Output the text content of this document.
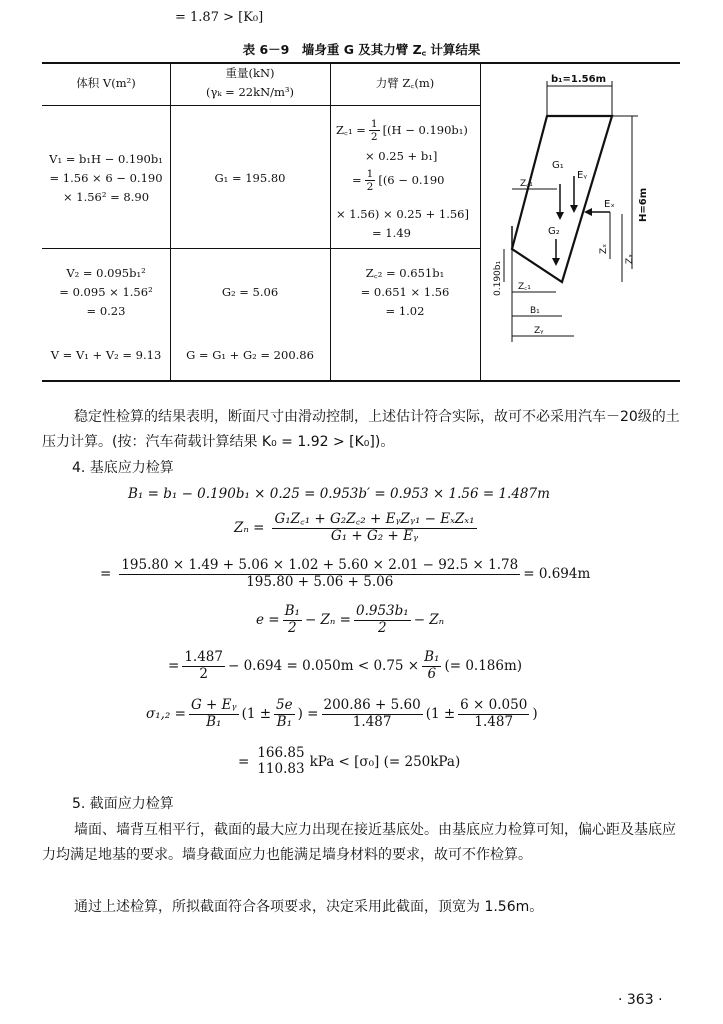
= 1.87 > [K₀]
表 6－9　墙身重 G 及其力臂 Z꜀ 计算结果
体积 V(m²)
重量(kN)
(γₖ = 22kN/m³)
力臂 Z꜀(m)
V₁ = b₁H − 0.190b₁
= 1.56 × 6 − 0.190
× 1.56² = 8.90
G₁ = 195.80
Z꜀₁ = $\frac{1}{2} [(H - 0.190b_1)$
× 0.25 + b₁]
= $\frac{1}{2} [(6 - 0.190$
× 1.56) × 0.25 + 1.56]
= 1.49
V₂ = 0.095b₁²
= 0.095 × 1.56²
= 0.23
G₂ = 5.06
Z꜀₂ = 0.651b₁
= 0.651 × 1.56
= 1.02
V = V₁ + V₂ = 9.13	G = G₁ + G₂ = 200.86
b₁=1.56m
H=6m
G₁
Eᵧ
Eₓ
Z꜀₁
G₂
Zₓ
Zₓ
0.190b₁ Z꜀₁
B₁
Zᵧ
稳定性检算的结果表明，断面尺寸由滑动控制，上述估计符合实际，故可不必采用汽车－20级的土压力计算。(按：汽车荷载计算结果 K₀ = 1.92 > [K₀])。
4. 基底应力检算
B₁ = b₁ − 0.190b₁ × 0.25 = 0.953b′ = 0.953 × 1.56 = 1.487m
$Z_n = \frac{\text{G₁Z꜀₁ + G₂Z꜀₂ + EᵧZᵧ₁ − EₓZₓ₁}}{\text{G₁ + G₂ + Eᵧ}}$
= $\frac{195.80 \times 1.49 + 5.06 \times 1.02 + 5.60 \times 2.01 - 92.5 \times 1.78}{195.80 + 5.06 + 5.06} = 0.694m$
$e = \frac{\text{B₁}}{2} - Z_n = \frac{\text{0.953b₁}}{2} - Z_n$
= $\frac{1.487}{2} - 0.694 = 0.050m < 0.75 \times \frac{\text{B₁}}{6}$ (= 0.186m)
$\sigma_1,_2 = \frac{\text{G + Eᵧ}}{\text{B₁}} (1 \pm \frac{5e}{\text{B₁}}$ ) = $\frac{200.86 + 5.60}{1.487} (1 \pm \frac{6 \times 0.050}{1.487}$ )
=
166.85
110.83 kPa < [σ₀] (= 250kPa)
5. 截面应力检算
墙面、墙背互相平行，截面的最大应力出现在接近基底处。由基底应力检算可知，偏心距及基底应力均满足地基的要求。墙身截面应力也能满足墙身材料的要求，故可不作检算。
通过上述检算，所拟截面符合各项要求，决定采用此截面，顶宽为 1.56m。
· 363 ·
